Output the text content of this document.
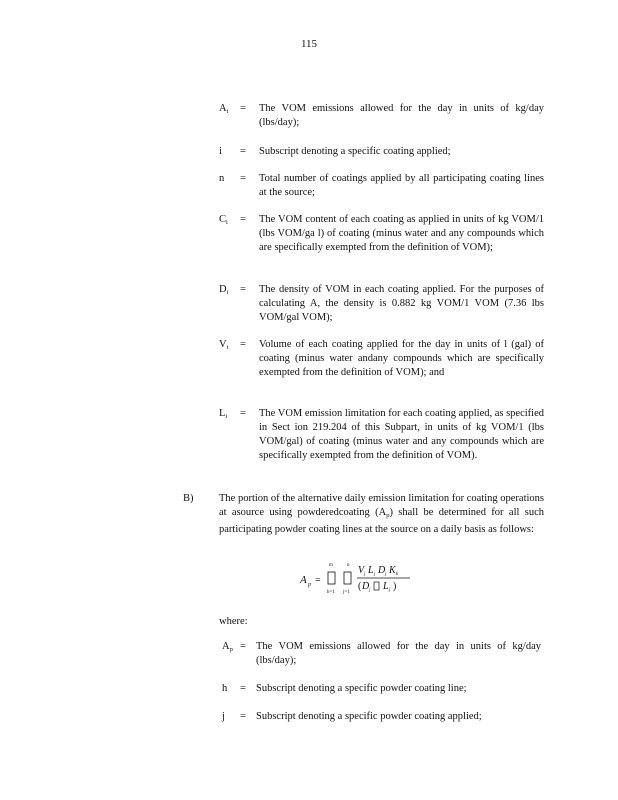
115
$A_i$ = The VOM emissions allowed for the day in units of kg/day (lbs/day);
i = Subscript denoting a specific coating applied;
n = Total number of coatings applied by all participating coating lines at the source;
$C_i$ = The VOM content of each coating as applied in units of kg VOM/1 (lbs VOM/ga l) of coating (minus water and any compounds which are specifically exempted from the definition of VOM);
$D_i$ = The density of VOM in each coating applied. For the purposes of calculating A, the density is 0.882 kg VOM/1 VOM (7.36 lbs VOM/gal VOM);
$V_i$ = Volume of each coating applied for the day in units of l (gal) of coating (minus water andany compounds which are specifically exempted from the definition of VOM); and
$L_i$ = The VOM emission limitation for each coating applied, as specified in Sect ion 219.204 of this Subpart, in units of kg VOM/1 (lbs VOM/gal) of coating (minus water and any compounds which are specifically exempted from the definition of VOM).
B) The portion of the alternative daily emission limitation for coating operations at asource using powderedcoating $(A_p)$ shall be determined for all such participating powder coating lines at the source on a daily basis as follows:
A p =
m
h=1
n
j=1
V j L j D j K k
( D j L j )
where:
$A_p$ = The VOM emissions allowed for the day in units of kg/day (lbs/day);
h = Subscript denoting a specific powder coating line;
j = Subscript denoting a specific powder coating applied;
